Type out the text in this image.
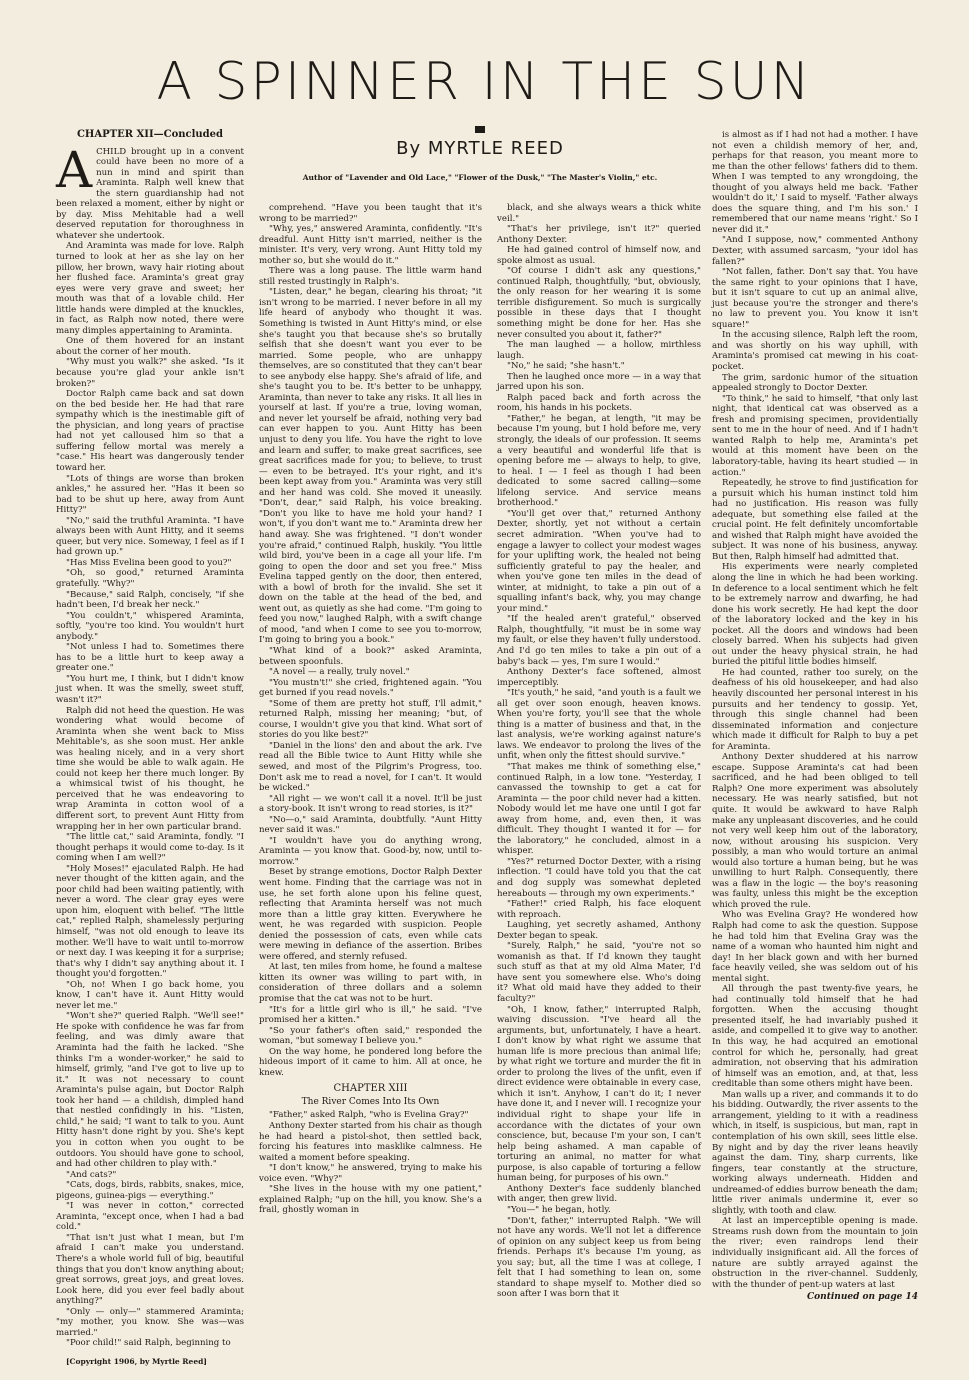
A SPINNER IN THE SUN
By MYRTLE REED
Author of "Lavender and Old Lace," "Flower of the Dusk," "The Master's Violin," etc.
CHAPTER XII—Concluded

ACHILD brought up in a convent could have been no more of a nun in mind and spirit than Araminta. Ralph well knew that the stern guardianship had not been relaxed a moment, either by night or by day. Miss Mehitable had a well deserved reputation for thoroughness in whatever she undertook.

And Araminta was made for love. Ralph turned to look at her as she lay on her pillow, her brown, wavy hair rioting about her flushed face. Araminta's great gray eyes were very grave and sweet; her mouth was that of a lovable child. Her little hands were dimpled at the knuckles, in fact, as Ralph now noted, there were many dimples appertaining to Araminta.

One of them hovered for an instant about the corner of her mouth.

"Why must you walk?" she asked. "Is it because you're glad your ankle isn't broken?"

Doctor Ralph came back and sat down on the bed beside her. He had that rare sympathy which is the inestimable gift of the physician, and long years of practise had not yet calloused him so that a suffering fellow mortal was merely a "case." His heart was dangerously tender toward her.

"Lots of things are worse than broken ankles," he assured her. "Has it been so bad to be shut up here, away from Aunt Hitty?"

"No," said the truthful Araminta. "I have always been with Aunt Hitty, and it seems queer, but very nice. Someway, I feel as if I had grown up."

"Has Miss Evelina been good to you?"

"Oh, so good," returned Araminta gratefully. "Why?"

"Because," said Ralph, concisely, "if she hadn't been, I'd break her neck."

"You couldn't," whispered Araminta, softly, "you're too kind. You wouldn't hurt anybody."

"Not unless I had to. Sometimes there has to be a little hurt to keep away a greater one."

"You hurt me, I think, but I didn't know just when. It was the smelly, sweet stuff, wasn't it?"

Ralph did not heed the question. He was wondering what would become of Araminta when she went back to Miss Mehitable's, as she soon must. Her ankle was healing nicely, and in a very short time she would be able to walk again. He could not keep her there much longer. By a whimsical twist of his thought, he perceived that he was endeavoring to wrap Araminta in cotton wool of a different sort, to prevent Aunt Hitty from wrapping her in her own particular brand.

"The little cat," said Araminta, fondly. "I thought perhaps it would come to-day. Is it coming when I am well?"

"Holy Moses!" ejaculated Ralph. He had never thought of the kitten again, and the poor child had been waiting patiently, with never a word. The clear gray eyes were upon him, eloquent with belief. "The little cat," replied Ralph, shamelessly perjuring himself, "was not old enough to leave its mother. We'll have to wait until to-morrow or next day. I was keeping it for a surprise; that's why I didn't say anything about it. I thought you'd forgotten."

"Oh, no! When I go back home, you know, I can't have it. Aunt Hitty would never let me."

"Won't she?" queried Ralph. "We'll see!" He spoke with confidence he was far from feeling, and was dimly aware that Araminta had the faith he lacked. "She thinks I'm a wonder-worker," he said to himself, grimly, "and I've got to live up to it." It was not necessary to count Araminta's pulse again, but Doctor Ralph took her hand — a childish, dimpled hand that nestled confidingly in his. "Listen, child," he said; "I want to talk to you. Aunt Hitty hasn't done right by you. She's kept you in cotton when you ought to be outdoors. You should have gone to school, and had other children to play with."

"And cats?"

"Cats, dogs, birds, rabbits, snakes, mice, pigeons, guinea-pigs — everything."

"I was never in cotton," corrected Araminta, "except once, when I had a bad cold."

"That isn't just what I mean, but I'm afraid I can't make you understand. There's a whole world full of big, beautiful things that you don't know anything about; great sorrows, great joys, and great loves. Look here, did you ever feel badly about anything?"

"Only — only—" stammered Araminta; "my mother, you know. She was—was married."

"Poor child!" said Ralph, beginning to

[Copyright 1906, by Myrtle Reed]

comprehend. "Have you been taught that it's wrong to be married?"

"Why, yes," answered Araminta, confidently. "It's dreadful. Aunt Hitty isn't married, neither is the minister. It's very, very wrong. Aunt Hitty told my mother so, but she would do it."

There was a long pause. The little warm hand still rested trustingly in Ralph's.

"Listen, dear," he began, clearing his throat; "it isn't wrong to be married. I never before in all my life heard of anybody who thought it was. Something is twisted in Aunt Hitty's mind, or else she's taught you that because she's so brutally selfish that she doesn't want you ever to be married. Some people, who are unhappy themselves, are so constituted that they can't bear to see anybody else happy. She's afraid of life, and she's taught you to be. It's better to be unhappy, Araminta, than never to take any risks. It all lies in yourself at last. If you're a true, loving woman, and never let yourself be afraid, nothing very bad can ever happen to you. Aunt Hitty has been unjust to deny you life. You have the right to love and learn and suffer, to make great sacrifices, see great sacrifices made for you; to believe, to trust — even to be betrayed. It's your right, and it's been kept away from you." Araminta was very still and her hand was cold. She moved it uneasily. "Don't, dear," said Ralph, his voice breaking. "Don't you like to have me hold your hand? I won't, if you don't want me to." Araminta drew her hand away. She was frightened. "I don't wonder you're afraid," continued Ralph, huskily. "You little wild bird, you've been in a cage all your life. I'm going to open the door and set you free." Miss Evelina tapped gently on the door, then entered, with a bowl of broth for the invalid. She set it down on the table at the head of the bed, and went out, as quietly as she had come. "I'm going to feed you now," laughed Ralph, with a swift change of mood, "and when I come to see you to-morrow, I'm going to bring you a book."

"What kind of a book?" asked Araminta, between spoonfuls.

"A novel — a really, truly novel."

"You mustn't!" she cried, frightened again. "You get burned if you read novels."

"Some of them are pretty hot stuff, I'll admit," returned Ralph, missing her meaning; "but, of course, I wouldn't give you that kind. What sort of stories do you like best?"

"Daniel in the lions' den and about the ark. I've read all the Bible twice to Aunt Hitty while she sewed, and most of the Pilgrim's Progress, too. Don't ask me to read a novel, for I can't. It would be wicked."

"All right — we won't call it a novel. It'll be just a story-book. It isn't wrong to read stories, is it?"

"No—o," said Araminta, doubtfully. "Aunt Hitty never said it was."

"I wouldn't have you do anything wrong, Araminta — you know that. Good-by, now, until to-morrow."

Beset by strange emotions, Doctor Ralph Dexter went home. Finding that the carriage was not in use, he set forth alone upon his feline quest, reflecting that Araminta herself was not much more than a little gray kitten. Everywhere he went, he was regarded with suspicion. People denied the possession of cats, even while cats were mewing in defiance of the assertion. Bribes were offered, and sternly refused.

At last, ten miles from home, he found a maltese kitten its owner was willing to part with, in consideration of three dollars and a solemn promise that the cat was not to be hurt.

"It's for a little girl who is ill," he said. "I've promised her a kitten."

"So your father's often said," responded the woman, "but someway I believe you."

On the way home, he pondered long before the hideous import of it came to him. All at once, he knew.

CHAPTER XIII
The River Comes Into Its Own

"Father," asked Ralph, "who is Evelina Gray?"

Anthony Dexter started from his chair as though he had heard a pistol-shot, then settled back, forcing his features into masklike calmness. He waited a moment before speaking.

"I don't know," he answered, trying to make his voice even. "Why?"

"She lives in the house with my one patient," explained Ralph; "up on the hill, you know. She's a frail, ghostly woman in

black, and she always wears a thick white veil."

"That's her privilege, isn't it?" queried Anthony Dexter.

He had gained control of himself now, and spoke almost as usual.

"Of course I didn't ask any questions," continued Ralph, thoughtfully, "but, obviously, the only reason for her wearing it is some terrible disfigurement. So much is surgically possible in these days that I thought something might be done for her. Has she never consulted you about it, father?"

The man laughed — a hollow, mirthless laugh.

"No," he said; "she hasn't."

Then he laughed once more — in a way that jarred upon his son.

Ralph paced back and forth across the room, his hands in his pockets.

"Father," he began, at length, "it may be because I'm young, but I hold before me, very strongly, the ideals of our profession. It seems a very beautiful and wonderful life that is opening before me — always to help, to give, to heal. I — I feel as though I had been dedicated to some sacred calling—some lifelong service. And service means brotherhood."

"You'll get over that," returned Anthony Dexter, shortly, yet not without a certain secret admiration. "When you've had to engage a lawyer to collect your modest wages for your uplifting work, the healed not being sufficiently grateful to pay the healer, and when you've gone ten miles in the dead of winter, at midnight, to take a pin out of a squalling infant's back, why, you may change your mind."

"If the healed aren't grateful," observed Ralph, thoughtfully, "it must be in some way my fault, or else they haven't fully understood. And I'd go ten miles to take a pin out of a baby's back — yes, I'm sure I would."

Anthony Dexter's face softened, almost imperceptibly.

"It's youth," he said, "and youth is a fault we all get over soon enough, heaven knows. When you're forty, you'll see that the whole thing is a matter of business and that, in the last analysis, we're working against nature's laws. We endeavor to prolong the lives of the unfit, when only the fittest should survive."

"That makes me think of something else," continued Ralph, in a low tone. "Yesterday, I canvassed the township to get a cat for Araminta — the poor child never had a kitten. Nobody would let me have one until I got far away from home, and, even then, it was difficult. They thought I wanted it for — for the laboratory," he concluded, almost in a whisper.

"Yes?" returned Doctor Dexter, with a rising inflection. "I could have told you that the cat and dog supply was somewhat depleted hereabouts — through my own experiments."

"Father!" cried Ralph, his face eloquent with reproach.

Laughing, yet secretly ashamed, Anthony Dexter began to speak.

"Surely, Ralph," he said, "you're not so womanish as that. If I'd known they taught such stuff as that at my old Alma Mater, I'd have sent you somewhere else. Who's doing it? What old maid have they added to their faculty?"

"Oh, I know, father," interrupted Ralph, waiving discussion. "I've heard all the arguments, but, unfortunately, I have a heart. I don't know by what right we assume that human life is more precious than animal life; by what right we torture and murder the fit in order to prolong the lives of the unfit, even if direct evidence were obtainable in every case, which it isn't. Anyhow, I can't do it; I never have done it, and I never will. I recognize your individual right to shape your life in accordance with the dictates of your own conscience, but, because I'm your son, I can't help being ashamed. A man capable of torturing an animal, no matter for what purpose, is also capable of torturing a fellow human being, for purposes of his own."

Anthony Dexter's face suddenly blanched with anger, then grew livid.

"You—" he began, hotly.

"Don't, father," interrupted Ralph. "We will not have any words. We'll not let a difference of opinion on any subject keep us from being friends. Perhaps it's because I'm young, as you say; but, all the time I was at college, I felt that I had something to lean on, some standard to shape myself to. Mother died so soon after I was born that it

is almost as if I had not had a mother. I have not even a childish memory of her, and, perhaps for that reason, you meant more to me than the other fellows' fathers did to them. When I was tempted to any wrongdoing, the thought of you always held me back. 'Father wouldn't do it,' I said to myself. 'Father always does the square thing, and I'm his son.' I remembered that our name means 'right.' So I never did it."

"And I suppose, now," commented Anthony Dexter, with assumed sarcasm, "your idol has fallen?"

"Not fallen, father. Don't say that. You have the same right to your opinions that I have, but it isn't square to cut up an animal alive, just because you're the stronger and there's no law to prevent you. You know it isn't square!"

In the accusing silence, Ralph left the room, and was shortly on his way uphill, with Araminta's promised cat mewing in his coat-pocket.

The grim, sardonic humor of the situation appealed strongly to Doctor Dexter.

"To think," he said to himself, "that only last night, that identical cat was observed as a fresh and promising specimen, providentially sent to me in the hour of need. And if I hadn't wanted Ralph to help me, Araminta's pet would at this moment have been on the laboratory-table, having its heart studied — in action."

Repeatedly, he strove to find justification for a pursuit which his human instinct told him had no justification. His reason was fully adequate, but something else failed at the crucial point. He felt definitely uncomfortable and wished that Ralph might have avoided the subject. It was none of his business, anyway. But then, Ralph himself had admitted that.

His experiments were nearly completed along the line in which he had been working. In deference to a local sentiment which he felt to be extremely narrow and dwarfing, he had done his work secretly. He had kept the door of the laboratory locked and the key in his pocket. All the doors and windows had been closely barred. When his subjects had given out under the heavy physical strain, he had buried the pitiful little bodies himself.

He had counted, rather too surely, on the deafness of his old housekeeper, and had also heavily discounted her personal interest in his pursuits and her tendency to gossip. Yet, through this single channel had been disseminated information and conjecture which made it difficult for Ralph to buy a pet for Araminta.

Anthony Dexter shuddered at his narrow escape. Suppose Araminta's cat had been sacrificed, and he had been obliged to tell Ralph? One more experiment was absolutely necessary. He was nearly satisfied, but not quite. It would be awkward to have Ralph make any unpleasant discoveries, and he could not very well keep him out of the laboratory, now, without arousing his suspicion. Very possibly, a man who would torture an animal would also torture a human being, but he was unwilling to hurt Ralph. Consequently, there was a flaw in the logic — the boy's reasoning was faulty, unless this might be the exception which proved the rule.

Who was Evelina Gray? He wondered how Ralph had come to ask the question. Suppose he had told him that Evelina Gray was the name of a woman who haunted him night and day! In her black gown and with her burned face heavily veiled, she was seldom out of his mental sight.

All through the past twenty-five years, he had continually told himself that he had forgotten. When the accusing thought presented itself, he had invariably pushed it aside, and compelled it to give way to another. In this way, he had acquired an emotional control for which he, personally, had great admiration, not observing that his admiration of himself was an emotion, and, at that, less creditable than some others might have been.

Man walls up a river, and commands it to do his bidding. Outwardly, the river assents to the arrangement, yielding to it with a readiness which, in itself, is suspicious, but man, rapt in contemplation of his own skill, sees little else. By night and by day the river leans heavily against the dam. Tiny, sharp currents, like fingers, tear constantly at the structure, working always underneath. Hidden and undreamed-of eddies burrow beneath the dam; little river animals undermine it, ever so slightly, with tooth and claw.

At last an imperceptible opening is made. Streams rush down from the mountain to join the river; even raindrops lend their individually insignificant aid. All the forces of nature are subtly arrayed against the obstruction in the river-channel. Suddenly, with the thunder of pent-up waters at last

Continued on page 14
